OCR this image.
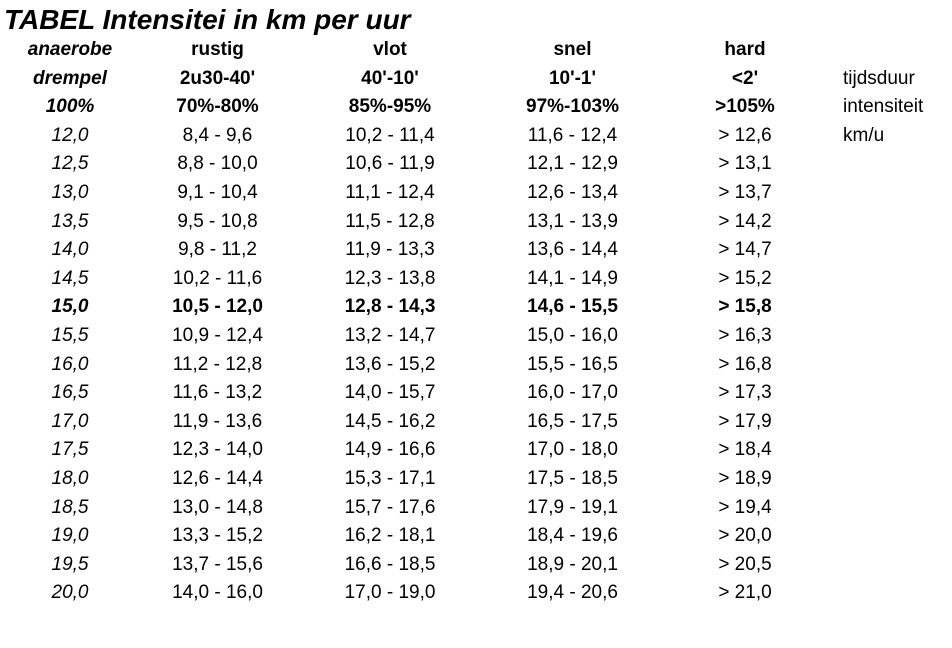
TABEL Intensitei in km per uur
anaerobe	rustig	vlot	snel	hard	
drempel	2u30-40'	40'-10'	10'-1'	<2'	tijdsduur
100%	70%-80%	85%-95%	97%-103%	>105%	intensiteit
12,0	8,4 - 9,6	10,2 - 11,4	11,6 - 12,4	> 12,6	km/u
12,5	8,8 - 10,0	10,6 - 11,9	12,1 - 12,9	> 13,1	
13,0	9,1 - 10,4	11,1 - 12,4	12,6 - 13,4	> 13,7	
13,5	9,5 - 10,8	11,5 - 12,8	13,1 - 13,9	> 14,2	
14,0	9,8 - 11,2	11,9 - 13,3	13,6 - 14,4	> 14,7	
14,5	10,2 - 11,6	12,3 - 13,8	14,1 - 14,9	> 15,2	
15,0	10,5 - 12,0	12,8 - 14,3	14,6 - 15,5	> 15,8	
15,5	10,9 - 12,4	13,2 - 14,7	15,0 - 16,0	> 16,3	
16,0	11,2 - 12,8	13,6 - 15,2	15,5 - 16,5	> 16,8	
16,5	11,6 - 13,2	14,0 - 15,7	16,0 - 17,0	> 17,3	
17,0	11,9 - 13,6	14,5 - 16,2	16,5 - 17,5	> 17,9	
17,5	12,3 - 14,0	14,9 - 16,6	17,0 - 18,0	> 18,4	
18,0	12,6 - 14,4	15,3 - 17,1	17,5 - 18,5	> 18,9	
18,5	13,0 - 14,8	15,7 - 17,6	17,9 - 19,1	> 19,4	
19,0	13,3 - 15,2	16,2 - 18,1	18,4 - 19,6	> 20,0	
19,5	13,7 - 15,6	16,6 - 18,5	18,9 - 20,1	> 20,5	
20,0	14,0 - 16,0	17,0 - 19,0	19,4 - 20,6	> 21,0	
